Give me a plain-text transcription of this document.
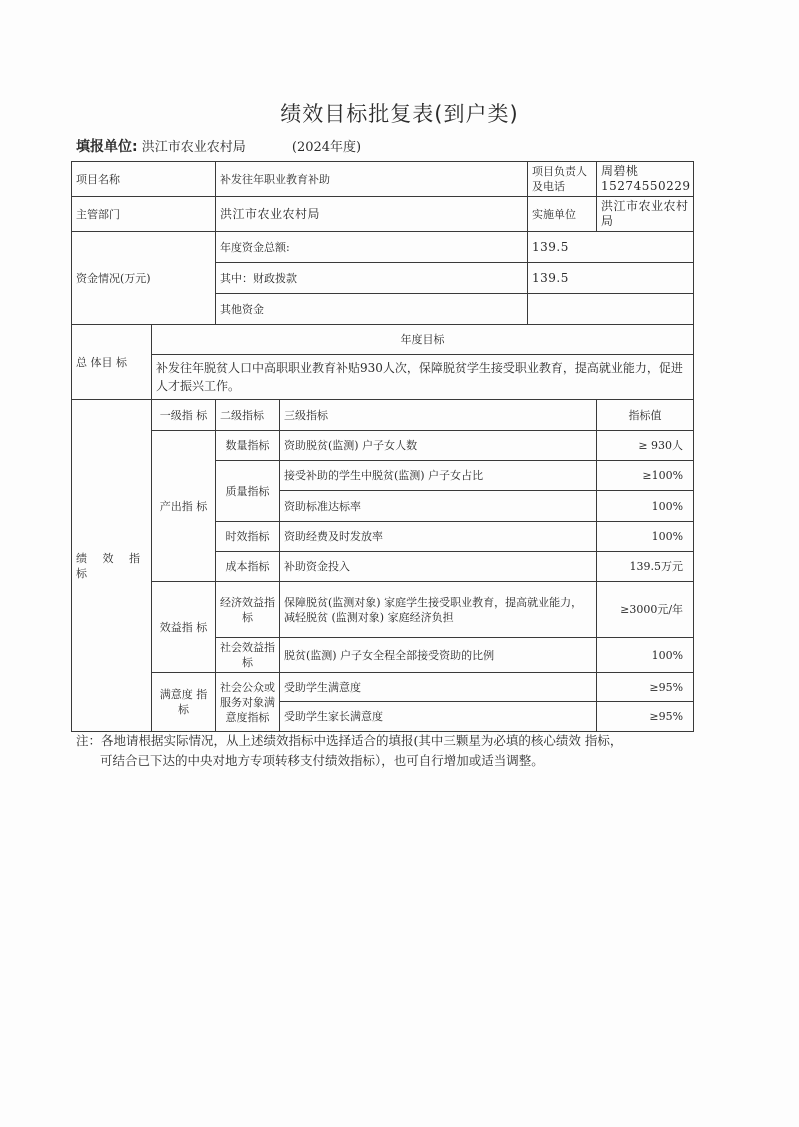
绩效目标批复表(到户类)
填报单位: 洪江市农业农村局	(2024年度)
项目名称		补发往年职业教育补助		项目负责人及电话	周碧桃 15274550229
主管部门		洪江市农业农村局		实施单位	洪江市农业农村局
资金情况(万元)		年度资金总额:		139.5	
		其中：财政拨款		139.5	
		其他资金			
总 体目 标	年度目标				
	补发往年脱贫人口中高职职业教育补贴930人次，保障脱贫学生接受职业教育，提高就业能力，促进人才振兴工作。				
绩 效 指 标	一级指 标	二级指标	三级指标		指标值
	产出指 标	数量指标	资助脱贫(监测) 户子女人数		≥ 930人
		质量指标	接受补助的学生中脱贫(监测) 户子女占比		≥100%
			资助标准达标率		100%
		时效指标	资助经费及时发放率		100%
		成本指标	补助资金投入		139.5万元
	效益指 标	经济效益指标	保障脱贫(监测对象) 家庭学生接受职业教育，提高就业能力，减轻脱贫 (监测对象) 家庭经济负担		≥3000元/年
		社会效益指标	脱贫(监测) 户子女全程全部接受资助的比例		100%
	满意度 指标	社会公众或服务对象满意度指标	受助学生满意度		≥95%
			受助学生家长满意度		≥95%
注：各地请根据实际情况，从上述绩效指标中选择适合的填报(其中三颗星为必填的核心绩效 指标，
可结合已下达的中央对地方专项转移支付绩效指标），也可自行增加或适当调整。
